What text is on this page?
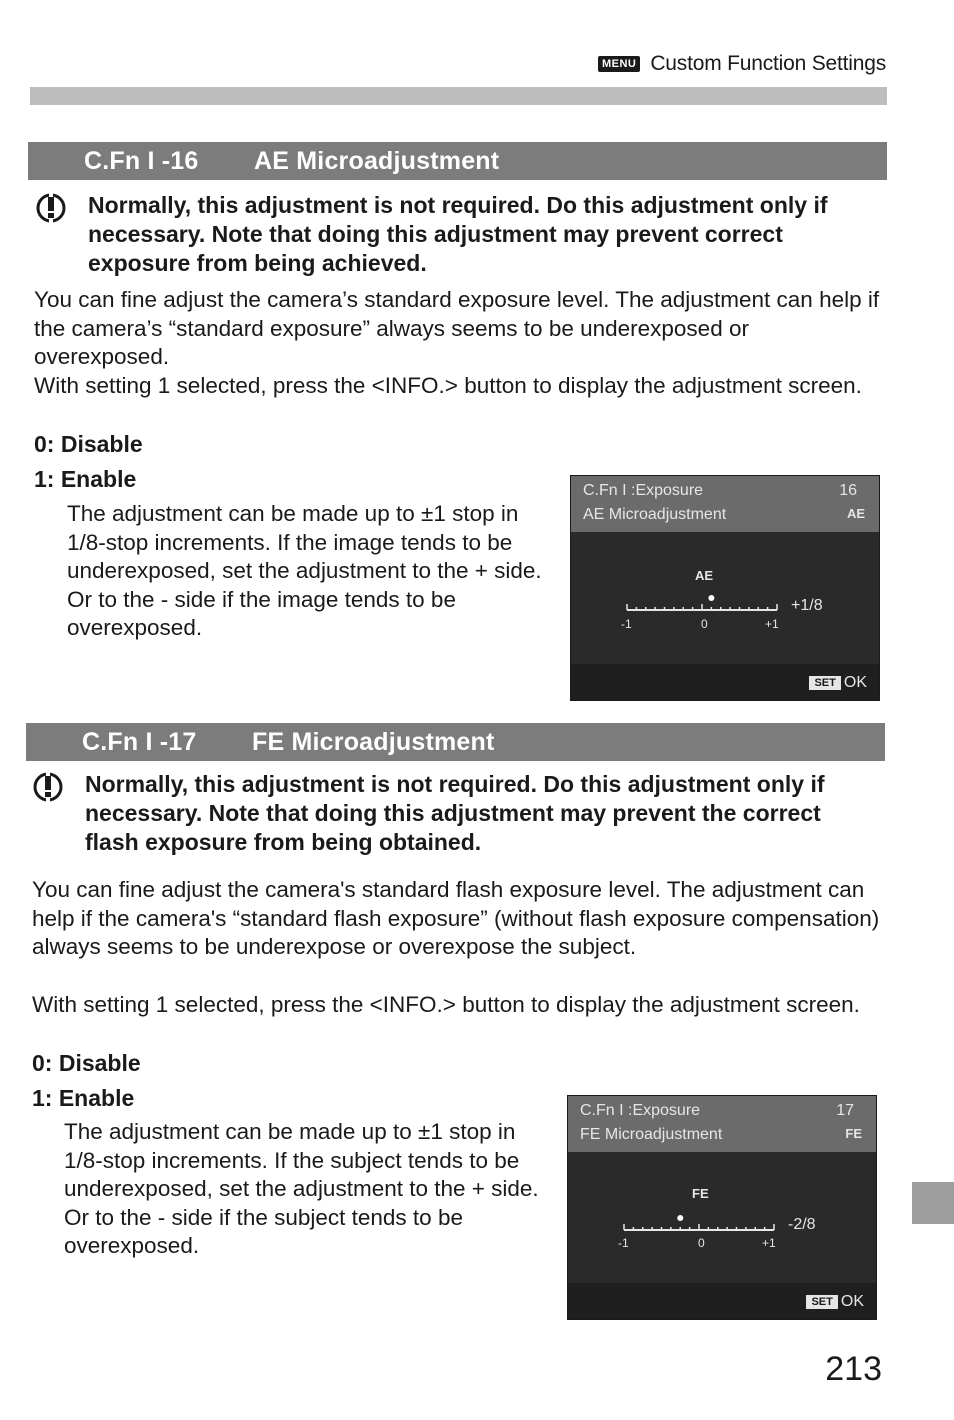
MENU Custom Function Settings
C.Fn I -16	AE Microadjustment
Normally, this adjustment is not required. Do this adjustment only if necessary. Note that doing this adjustment may prevent correct exposure from being achieved.
You can fine adjust the camera’s standard exposure level. The adjustment can help if the camera’s “standard exposure” always seems to be underexposed or overexposed.
With setting 1 selected, press the <INFO.> button to display the adjustment screen.
0: Disable
1: Enable
The adjustment can be made up to ±1 stop in 1/8-stop increments. If the image tends to be underexposed, set the adjustment to the + side. Or to the - side if the image tends to be overexposed.
C.Fn I :Exposure
AE Microadjustment
16
AE
AE
+1/8
-1	0	+1
SET OK
C.Fn I -17	FE Microadjustment
Normally, this adjustment is not required. Do this adjustment only if necessary. Note that doing this adjustment may prevent the correct flash exposure from being obtained.
You can fine adjust the camera's standard flash exposure level. The adjustment can help if the camera's “standard flash exposure” (without flash exposure compensation) always seems to be underexpose or overexpose the subject.
With setting 1 selected, press the <INFO.> button to display the adjustment screen.
0: Disable
1: Enable
The adjustment can be made up to ±1 stop in 1/8-stop increments. If the subject tends to be underexposed, set the adjustment to the + side. Or to the - side if the subject tends to be overexposed.
C.Fn I :Exposure
FE Microadjustment
17
FE
FE
-2/8
-1	0	+1
SET OK
213
